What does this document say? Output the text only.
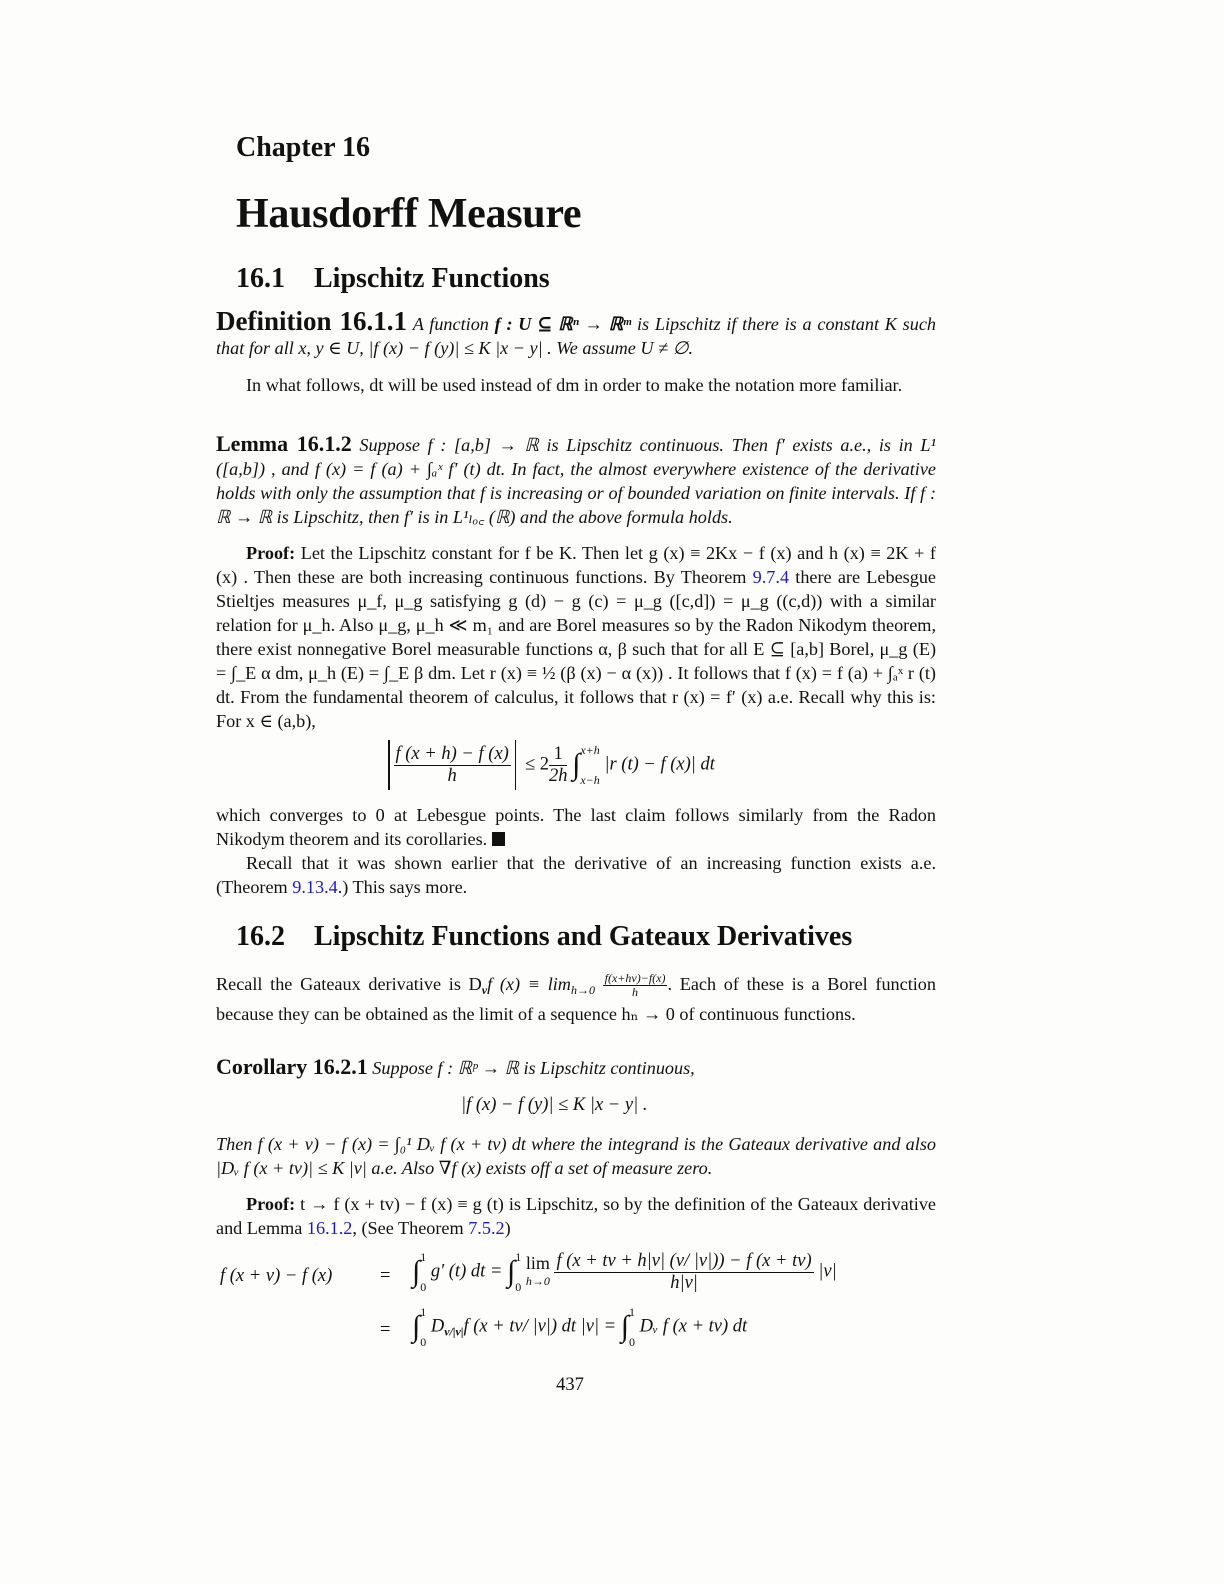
Chapter 16
Hausdorff Measure
16.1 Lipschitz Functions
Definition 16.1.1 A function f : U ⊆ ℝⁿ → ℝᵐ is Lipschitz if there is a constant K such that for all x, y ∈ U, |f (x) − f (y)| ≤ K |x − y| . We assume U ≠ ∅.
In what follows, dt will be used instead of dm in order to make the notation more familiar.
Lemma 16.1.2 Suppose f : [a,b] → ℝ is Lipschitz continuous. Then f′ exists a.e., is in L¹ ([a,b]) , and f (x) = f (a) + ∫ₐˣ f′ (t) dt. In fact, the almost everywhere existence of the derivative holds with only the assumption that f is increasing or of bounded variation on finite intervals. If f : ℝ → ℝ is Lipschitz, then f′ is in L¹ₗₒ꜀ (ℝ) and the above formula holds.
Proof: Let the Lipschitz constant for f be K. Then let g (x) ≡ 2Kx − f (x) and h (x) ≡ 2K + f (x) . Then these are both increasing continuous functions. By Theorem 9.7.4 there are Lebesgue Stieltjes measures μ_f, μ_g satisfying g (d) − g (c) = μ_g ([c,d]) = μ_g ((c,d)) with a similar relation for μ_h. Also μ_g, μ_h ≪ m₁ and are Borel measures so by the Radon Nikodym theorem, there exist nonnegative Borel measurable functions α, β such that for all E ⊆ [a,b] Borel, μ_g (E) = ∫_E α dm, μ_h (E) = ∫_E β dm. Let r (x) ≡ ½ (β (x) − α (x)) . It follows that f (x) = f (a) + ∫ₐˣ r (t) dt. From the fundamental theorem of calculus, it follows that r (x) = f′ (x) a.e. Recall why this is: For x ∈ (a,b),
$\frac{f (x + h) - f (x)}{h} \le 2 \frac{1}{2h}$ ∫ x+h
x−h
|r (t) − f (x)| dt
which converges to 0 at Lebesgue points. The last claim follows similarly from the Radon Nikodym theorem and its corollaries.
Recall that it was shown earlier that the derivative of an increasing function exists a.e.(Theorem 9.13.4.) This says more.
16.2 Lipschitz Functions and Gateaux Derivatives
Recall the Gateaux derivative is $D_vf$ $(x) \equiv \lim_{h\to 0} \frac{f(x+hv)-f(x)}{h}$ . Each of these is a Borel function because they can be obtained as the limit of a sequence hₙ → 0 of continuous functions.
Corollary 16.2.1 Suppose f : ℝᵖ → ℝ is Lipschitz continuous,
|f (x) − f (y)| ≤ K |x − y| .
Then f (x + v) − f (x) = ∫₀¹ Dᵥ f (x + tv) dt where the integrand is the Gateaux derivative and also |Dᵥ f (x + tv)| ≤ K |v| a.e. Also ∇f (x) exists off a set of measure zero.
Proof: t → f (x + tv) − f (x) ≡ g (t) is Lipschitz, so by the definition of the Gateaux derivative and Lemma 16.1.2, (See Theorem 7.5.2)
f (x + v) − f (x)	= ∫ 1
0
g′ (t) dt = ∫ 1
0

lim
h→0
$\frac{f (x + tv + h|v| (v/ |v|)) - f (x + tv)}{h|v|} |v|$
= ∫ 1
0
$D_{v/|v|}f$ (x + tv/ |v|) dt |v| = ∫ 1
0
Dᵥ f (x + tv) dt
437
